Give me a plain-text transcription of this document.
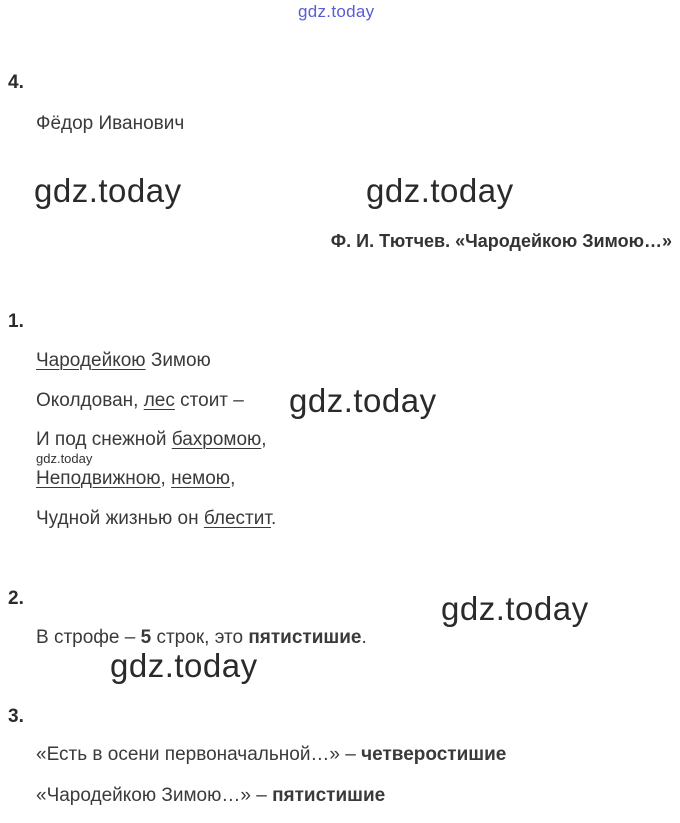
gdz.today
4.
Фёдор Иванович
gdz.today	gdz.today
Ф. И. Тютчев. «Чародейкою Зимою…»
1.
Чародейкою Зимою
Околдован, лес стоит – gdz.today
И под снежной бахромою,
gdz.today
Неподвижною, немою,
Чудной жизнью он блестит.
2.	gdz.today
В строфе – 5 строк, это пятистишие.
gdz.today
3.
«Есть в осени первоначальной…» – четверостишие
«Чародейкою Зимою…» – пятистишие
